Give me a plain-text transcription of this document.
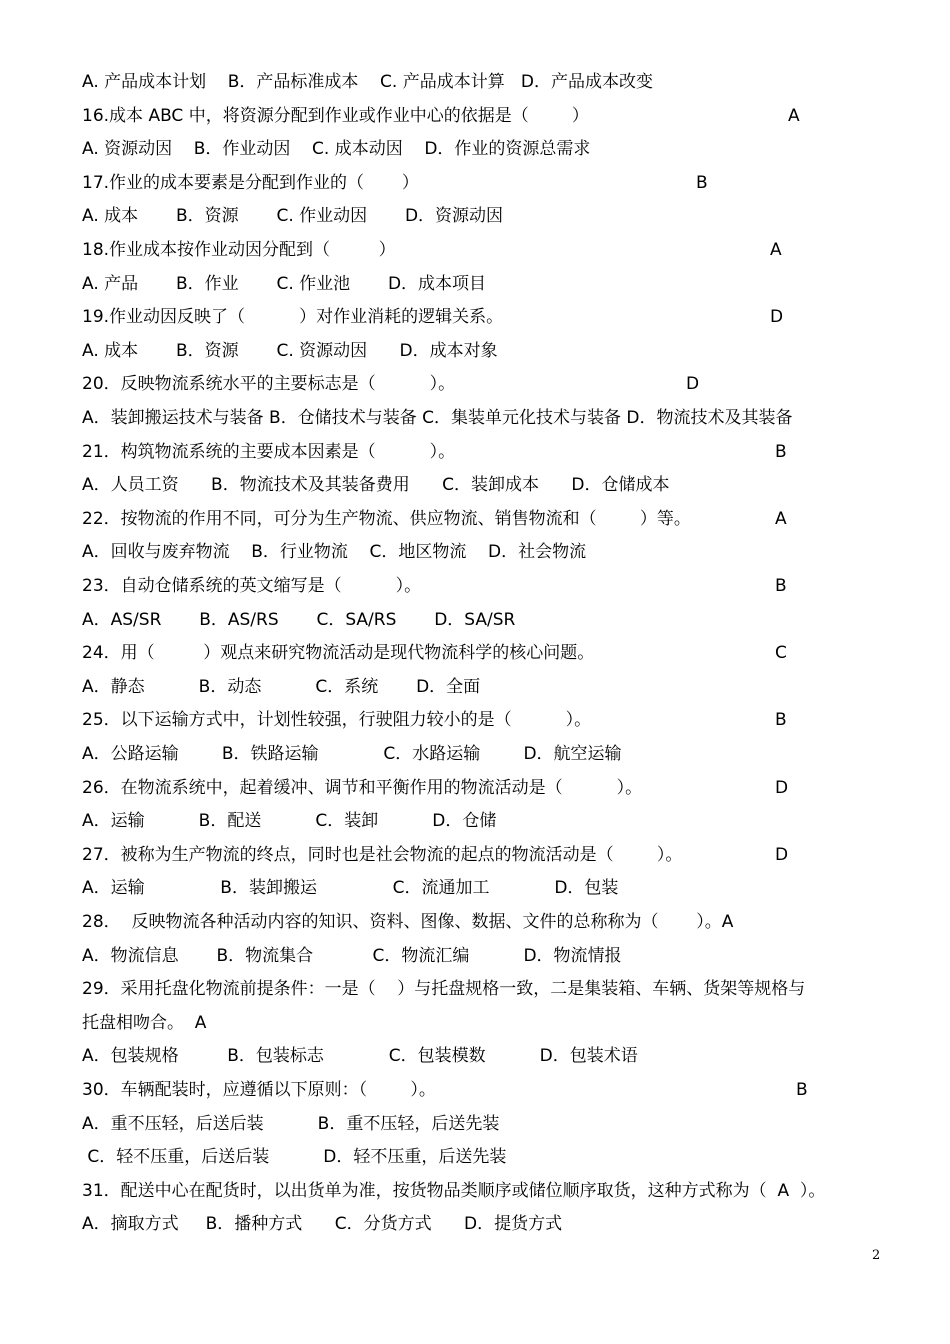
A. 产品成本计划    B．产品标准成本    C. 产品成本计算   D．产品成本改变
16.成本 ABC 中，将资源分配到作业或作业中心的依据是（        ）	A
A. 资源动因    B．作业动因    C. 成本动因    D．作业的资源总需求
17.作业的成本要素是分配到作业的（       ）	B
A. 成本       B．资源       C. 作业动因       D．资源动因
18.作业成本按作业动因分配到（         ）	A
A. 产品       B．作业       C. 作业池       D．成本项目
19.作业动因反映了（          ）对作业消耗的逻辑关系。	D
A. 成本       B．资源       C. 资源动因      D．成本对象
20．反映物流系统水平的主要标志是（          ）。	D
A．装卸搬运技术与装备 B．仓储技术与装备 C．集装单元化技术与装备 D．物流技术及其装备
21．构筑物流系统的主要成本因素是（          ）。	B
A．人员工资      B．物流技术及其装备费用      C．装卸成本      D．仓储成本
22．按物流的作用不同，可分为生产物流、供应物流、销售物流和（        ）等。	A
A．回收与废弃物流    B．行业物流    C．地区物流    D．社会物流
23．自动仓储系统的英文缩写是（          ）。	B
A．AS/SR       B．AS/RS       C．SA/RS       D．SA/SR
24．用（         ）观点来研究物流活动是现代物流科学的核心问题。	C
A．静态          B．动态          C．系统       D．全面
25．以下运输方式中，计划性较强，行驶阻力较小的是（          ）。	B
A．公路运输        B．铁路运输            C．水路运输        D．航空运输
26．在物流系统中，起着缓冲、调节和平衡作用的物流活动是（          ）。	D
A．运输          B．配送          C．装卸          D．仓储
27．被称为生产物流的终点，同时也是社会物流的起点的物流活动是（        ）。	D
A．运输              B．装卸搬运              C．流通加工            D．包装
28．  反映物流各种活动内容的知识、资料、图像、数据、文件的总称称为（       ）。A
A．物流信息       B．物流集合           C．物流汇编          D．物流情报
29．采用托盘化物流前提条件：一是（    ）与托盘规格一致，二是集装箱、车辆、货架等规格与
托盘相吻合。  A
A．包装规格         B．包装标志            C．包装模数          D．包装术语
30．车辆配装时，应遵循以下原则：（        ）。	B
A．重不压轻，后送后装          B．重不压轻，后送先装
C．轻不压重，后送后装          D．轻不压重，后送先装
31．配送中心在配货时，以出货单为准，按货物品类顺序或储位顺序取货，这种方式称为（  A  ）。
A．摘取方式     B．播种方式      C．分货方式      D．提货方式
2
